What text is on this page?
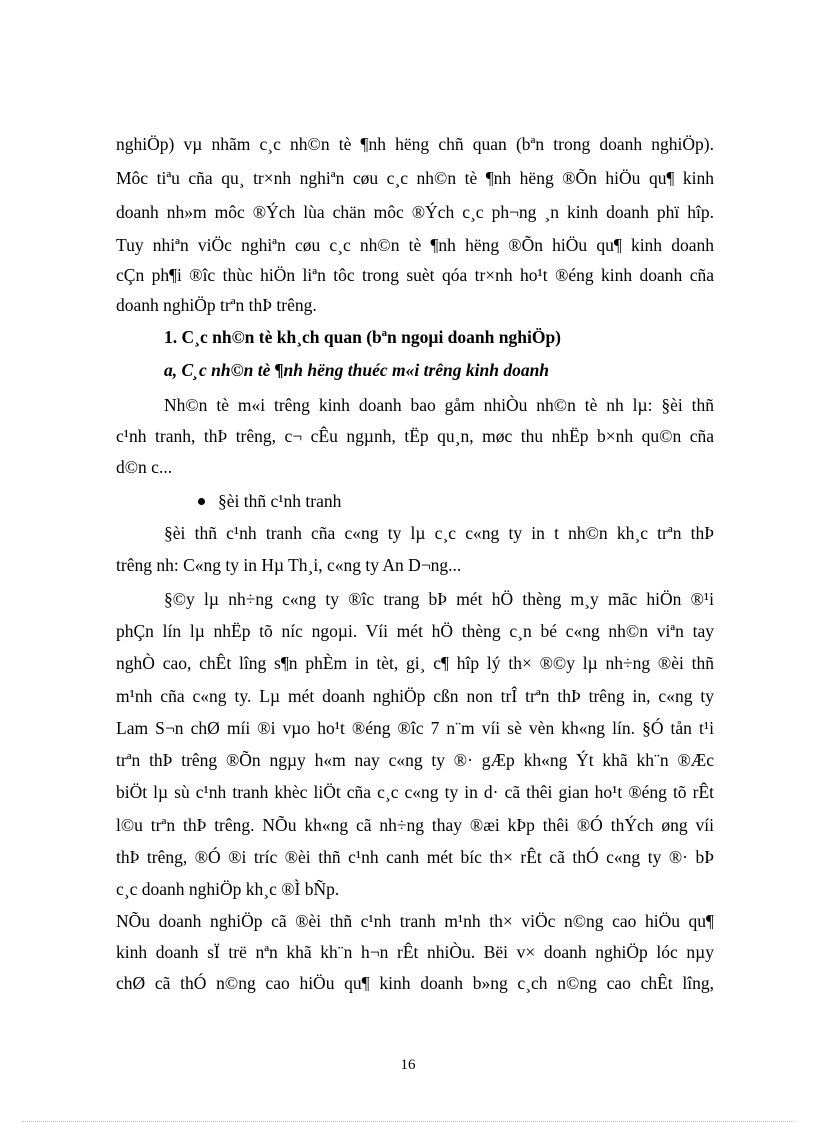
nghiÖp) vµ nhãm c¸c nh©n tè ¶nh hëng chñ quan (bªn trong doanh nghiÖp).
Môc tiªu cña qu¸ tr×nh nghiªn cøu c¸c nh©n tè ¶nh hëng ®Õn hiÖu qu¶ kinh
doanh nh»m môc ®Ých lùa chän môc ®Ých c¸c ph¬ng ¸n kinh doanh phï hîp.
Tuy nhiªn viÖc nghiªn cøu c¸c nh©n tè ¶nh hëng ®Õn hiÖu qu¶ kinh doanh
cÇn ph¶i ®îc thùc hiÖn liªn tôc trong suèt qóa tr×nh ho¹t ®éng kinh doanh cña
doanh nghiÖp trªn thÞ trêng.
1. C¸c nh©n tè kh¸ch quan (bªn ngoµi doanh nghiÖp)
a, C¸c nh©n tè ¶nh hëng thuéc m«i trêng kinh doanh
Nh©n tè m«i trêng kinh doanh bao gåm nhiÒu nh©n tè nh lµ: §èi thñ
c¹nh tranh, thÞ trêng, c¬ cÊu ngµnh, tËp qu¸n, møc thu nhËp b×nh qu©n cña
d©n c...
§èi thñ c¹nh tranh
§èi thñ c¹nh tranh cña c«ng ty lµ c¸c c«ng ty in t nh©n kh¸c trªn thÞ
trêng nh: C«ng ty in Hµ Th¸i, c«ng ty An D¬ng...
§©y lµ nh÷ng c«ng ty ®îc trang bÞ mét hÖ thèng m¸y mãc hiÖn ®¹i
phÇn lín lµ nhËp tõ níc ngoµi. Víi mét hÖ thèng c¸n bé c«ng nh©n viªn tay
nghÒ cao, chÊt lîng s¶n phÈm in tèt, gi¸ c¶ hîp lý th× ®©y lµ nh÷ng ®èi thñ
m¹nh cña c«ng ty. Lµ mét doanh nghiÖp cßn non trÎ trªn thÞ trêng in, c«ng ty
Lam S¬n chØ míi ®i vµo ho¹t ®éng ®îc 7 n¨m víi sè vèn kh«ng lín. §Ó tån t¹i
trªn thÞ trêng ®Õn ngµy h«m nay c«ng ty ®· gÆp kh«ng Ýt khã kh¨n ®Æc
biÖt lµ sù c¹nh tranh khèc liÖt cña c¸c c«ng ty in d· cã thêi gian ho¹t ®éng tõ rÊt
l©u trªn thÞ trêng. NÕu kh«ng cã nh÷ng thay ®æi kÞp thêi ®Ó thÝch øng víi
thÞ trêng, ®Ó ®i tríc ®èi thñ c¹nh canh mét bíc th× rÊt cã thÓ c«ng ty ®· bÞ
c¸c doanh nghiÖp kh¸c ®Ì bÑp.
NÕu doanh nghiÖp cã ®èi thñ c¹nh tranh m¹nh th× viÖc n©ng cao hiÖu qu¶
kinh doanh sÏ trë nªn khã kh¨n h¬n rÊt nhiÒu. Bëi v× doanh nghiÖp lóc nµy
chØ cã thÓ n©ng cao hiÖu qu¶ kinh doanh b»ng c¸ch n©ng cao chÊt lîng,
16
